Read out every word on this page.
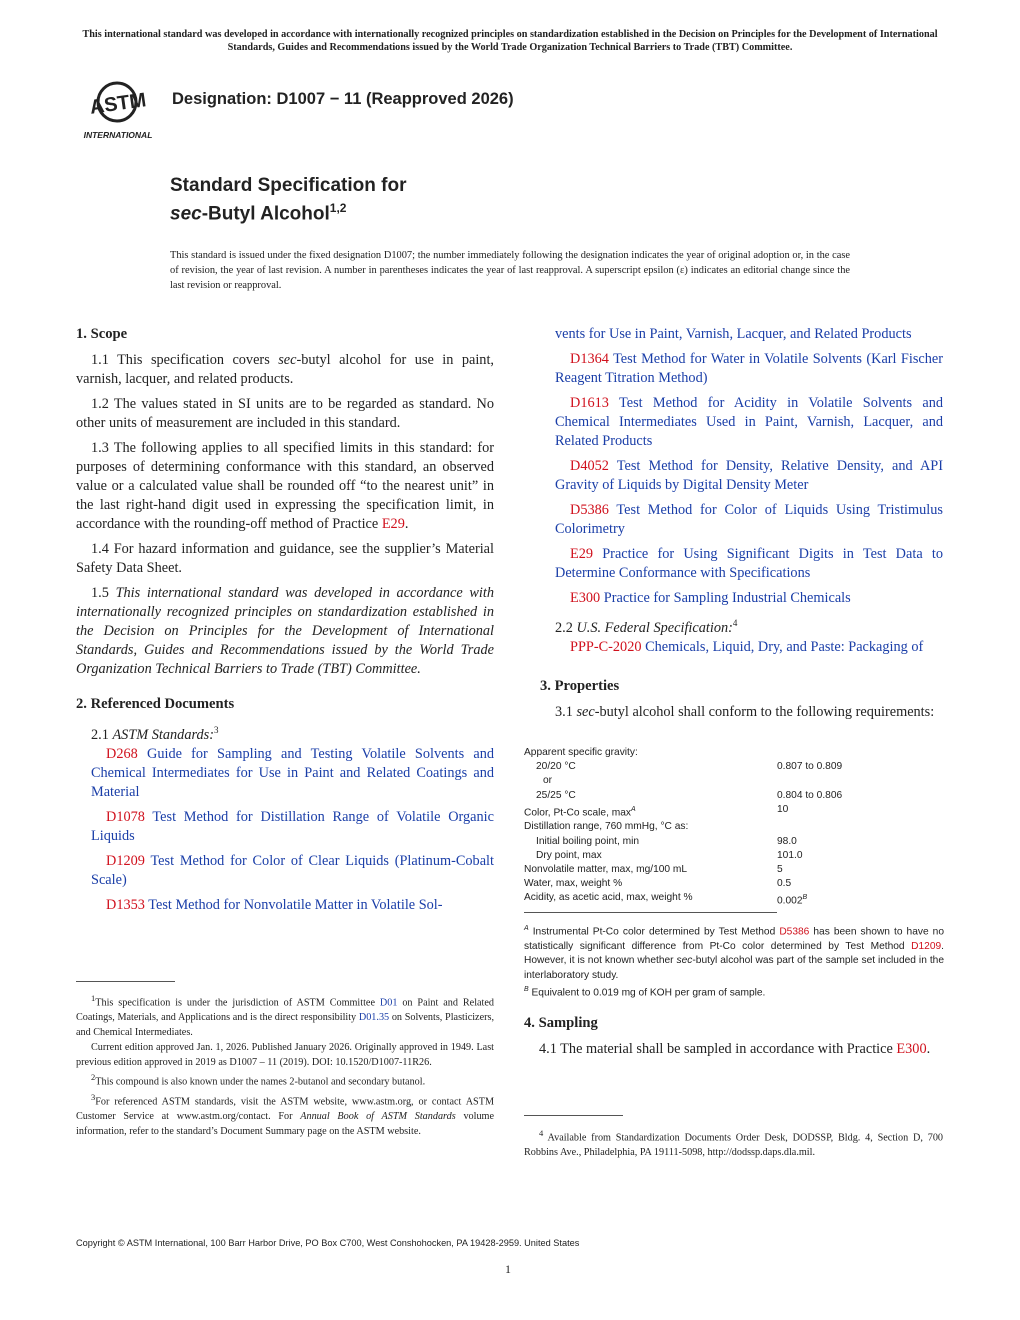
This international standard was developed in accordance with internationally recognized principles on standardization established in the Decision on Principles for the Development of International Standards, Guides and Recommendations issued by the World Trade Organization Technical Barriers to Trade (TBT) Committee.
ASTM
INTERNATIONAL
Designation: D1007 − 11 (Reapproved 2026)
Standard Specification for
sec-Butyl Alcohol$^{1,2}$
This standard is issued under the fixed designation D1007; the number immediately following the designation indicates the year of original adoption or, in the case of revision, the year of last revision. A number in parentheses indicates the year of last reapproval. A superscript epsilon (ε) indicates an editorial change since the last revision or reapproval.
1. Scope

1.1 This specification covers sec-butyl alcohol for use in paint, varnish, lacquer, and related products.

1.2 The values stated in SI units are to be regarded as standard. No other units of measurement are included in this standard.

1.3 The following applies to all specified limits in this standard: for purposes of determining conformance with this standard, an observed value or a calculated value shall be rounded off “to the nearest unit” in the last right-hand digit used in expressing the specification limit, in accordance with the rounding-off method of Practice E29.

1.4 For hazard information and guidance, see the supplier’s Material Safety Data Sheet.

1.5 This international standard was developed in accordance with internationally recognized principles on standardization established in the Decision on Principles for the Development of International Standards, Guides and Recommendations issued by the World Trade Organization Technical Barriers to Trade (TBT) Committee.

2. Referenced Documents

2.1 ASTM Standards:$^3$

D268 Guide for Sampling and Testing Volatile Solvents and Chemical Intermediates for Use in Paint and Related Coatings and Material

D1078 Test Method for Distillation Range of Volatile Organic Liquids

D1209 Test Method for Color of Clear Liquids (Platinum-Cobalt Scale)

D1353 Test Method for Nonvolatile Matter in Volatile Sol-

$^1$This specification is under the jurisdiction of ASTM Committee D01 on Paint and Related Coatings, Materials, and Applications and is the direct responsibility D01.35 on Solvents, Plasticizers, and Chemical Intermediates.

Current edition approved Jan. 1, 2026. Published January 2026. Originally approved in 1949. Last previous edition approved in 2019 as D1007 – 11 (2019). DOI: 10.1520/D1007-11R26.

$^2$This compound is also known under the names 2-butanol and secondary butanol.

$^3$For referenced ASTM standards, visit the ASTM website, www.astm.org, or contact ASTM Customer Service at www.astm.org/contact. For Annual Book of ASTM Standards volume information, refer to the standard’s Document Summary page on the ASTM website.

vents for Use in Paint, Varnish, Lacquer, and Related Products

D1364 Test Method for Water in Volatile Solvents (Karl Fischer Reagent Titration Method)

D1613 Test Method for Acidity in Volatile Solvents and Chemical Intermediates Used in Paint, Varnish, Lacquer, and Related Products

D4052 Test Method for Density, Relative Density, and API Gravity of Liquids by Digital Density Meter

D5386 Test Method for Color of Liquids Using Tristimulus Colorimetry

E29 Practice for Using Significant Digits in Test Data to Determine Conformance with Specifications

E300 Practice for Sampling Industrial Chemicals

2.2 U.S. Federal Specification:$^4$

PPP-C-2020 Chemicals, Liquid, Dry, and Paste: Packaging of

3. Properties

3.1 sec-butyl alcohol shall conform to the following requirements:

Apparent specific gravity:	
20/20 °C	0.807 to 0.809
or	
25/25 °C	0.804 to 0.806
Color, Pt-Co scale, $\max^A$	10
Distillation range, 760 mmHg, °C as:	
Initial boiling point, min	98.0
Dry point, max	101.0
Nonvolatile matter, max, mg/100 mL	5
Water, max, weight %	0.5
Acidity, as acetic acid, max, weight %	$0.002^B$

$^A$ Instrumental Pt-Co color determined by Test Method D5386 has been shown to have no statistically significant difference from Pt-Co color determined by Test Method D1209. However, it is not known whether sec-butyl alcohol was part of the sample set included in the interlaboratory study.

$^B$ Equivalent to 0.019 mg of KOH per gram of sample.

4. Sampling

4.1 The material shall be sampled in accordance with Practice E300.

$^4$ Available from Standardization Documents Order Desk, DODSSP, Bldg. 4, Section D, 700 Robbins Ave., Philadelphia, PA 19111-5098, http://dodssp.daps.dla.mil.

Copyright © ASTM International, 100 Barr Harbor Drive, PO Box C700, West Conshohocken, PA 19428-2959. United States
1
